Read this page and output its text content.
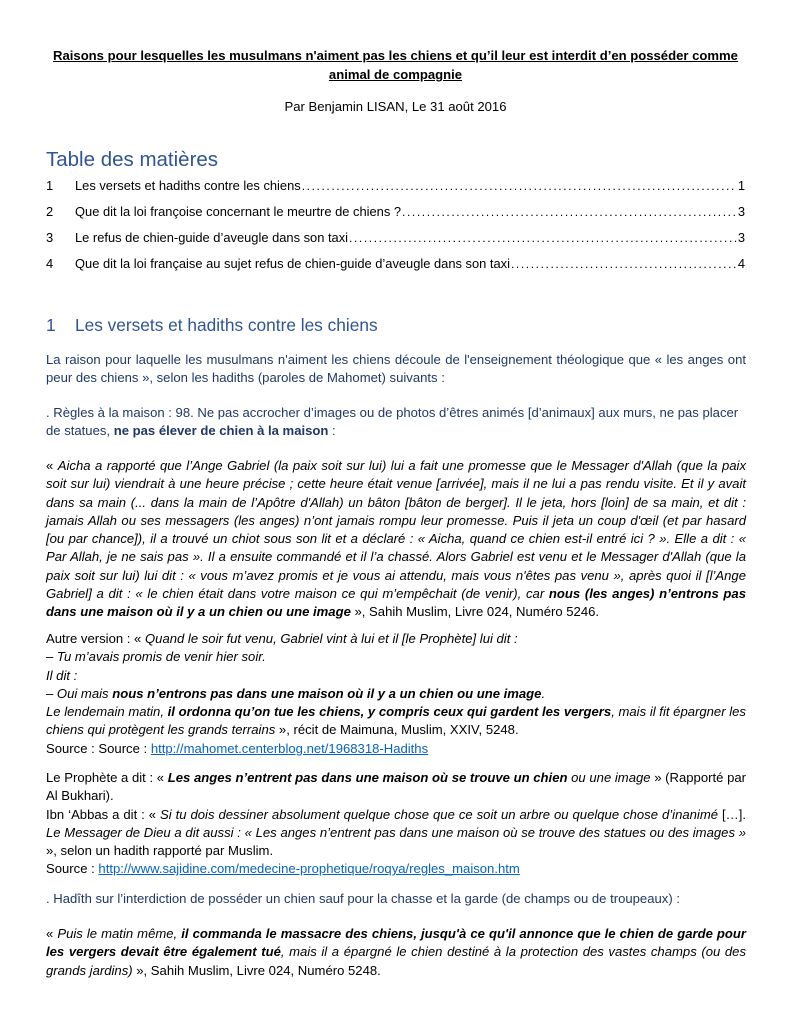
Raisons pour lesquelles les musulmans n'aiment pas les chiens et qu’il leur est interdit d’en posséder comme animal de compagnie
Par Benjamin LISAN, Le 31 août 2016
Table des matières
1	Les versets et hadiths contre les chiens .....	1
2	Que dit la loi françoise concernant le meurtre de chiens ? .....	3
3	Le refus de chien-guide d’aveugle dans son taxi .....	3
4	Que dit la loi française au sujet refus de chien-guide d’aveugle dans son taxi .....	4
1 Les versets et hadiths contre les chiens
La raison pour laquelle les musulmans n'aiment les chiens découle de l'enseignement théologique que « les anges ont peur des chiens », selon les hadiths (paroles de Mahomet) suivants :
. Règles à la maison : 98. Ne pas accrocher d’images ou de photos d’êtres animés [d’animaux] aux murs, ne pas placer de statues, ne pas élever de chien à la maison :
« Aicha a rapporté que l’Ange Gabriel (la paix soit sur lui) lui a fait une promesse que le Messager d'Allah (que la paix soit sur lui) viendrait à une heure précise ; cette heure était venue [arrivée], mais il ne lui a pas rendu visite. Et il y avait dans sa main (... dans la main de l’Apôtre d'Allah) un bâton [bâton de berger]. Il le jeta, hors [loin] de sa main, et dit : jamais Allah ou ses messagers (les anges) n’ont jamais rompu leur promesse. Puis il jeta un coup d'œil (et par hasard [ou par chance]), il a trouvé un chiot sous son lit et a déclaré : « Aicha, quand ce chien est-il entré ici ? ». Elle a dit : « Par Allah, je ne sais pas ». Il a ensuite commandé et il l’a chassé. Alors Gabriel est venu et le Messager d'Allah (que la paix soit sur lui) lui dit : « vous m’avez promis et je vous ai attendu, mais vous n'êtes pas venu », après quoi il [l’Ange Gabriel] a dit : « le chien était dans votre maison ce qui m’empêchait (de venir), car nous (les anges) n’entrons pas dans une maison où il y a un chien ou une image », Sahih Muslim, Livre 024, Numéro 5246.
Autre version : « Quand le soir fut venu, Gabriel vint à lui et il [le Prophète] lui dit :
– Tu m’avais promis de venir hier soir.
Il dit :
– Oui mais nous n’entrons pas dans une maison où il y a un chien ou une image.
Le lendemain matin, il ordonna qu’on tue les chiens, y compris ceux qui gardent les vergers, mais il fit épargner les chiens qui protègent les grands terrains », récit de Maimuna, Muslim, XXIV, 5248.
Source : Source : http://mahomet.centerblog.net/1968318-Hadiths
Le Prophète a dit : « Les anges n’entrent pas dans une maison où se trouve un chien ou une image » (Rapporté par Al Bukhari).
Ibn ‘Abbas a dit : « Si tu dois dessiner absolument quelque chose que ce soit un arbre ou quelque chose d’inanimé […]. Le Messager de Dieu a dit aussi : « Les anges n’entrent pas dans une maison où se trouve des statues ou des images » », selon un hadith rapporté par Muslim.
Source : http://www.sajidine.com/medecine-prophetique/roqya/regles_maison.htm
. Hadîth sur l’interdiction de posséder un chien sauf pour la chasse et la garde (de champs ou de troupeaux) :
« Puis le matin même, il commanda le massacre des chiens, jusqu'à ce qu'il annonce que le chien de garde pour les vergers devait être également tué, mais il a épargné le chien destiné à la protection des vastes champs (ou des grands jardins) », Sahih Muslim, Livre 024, Numéro 5248.
